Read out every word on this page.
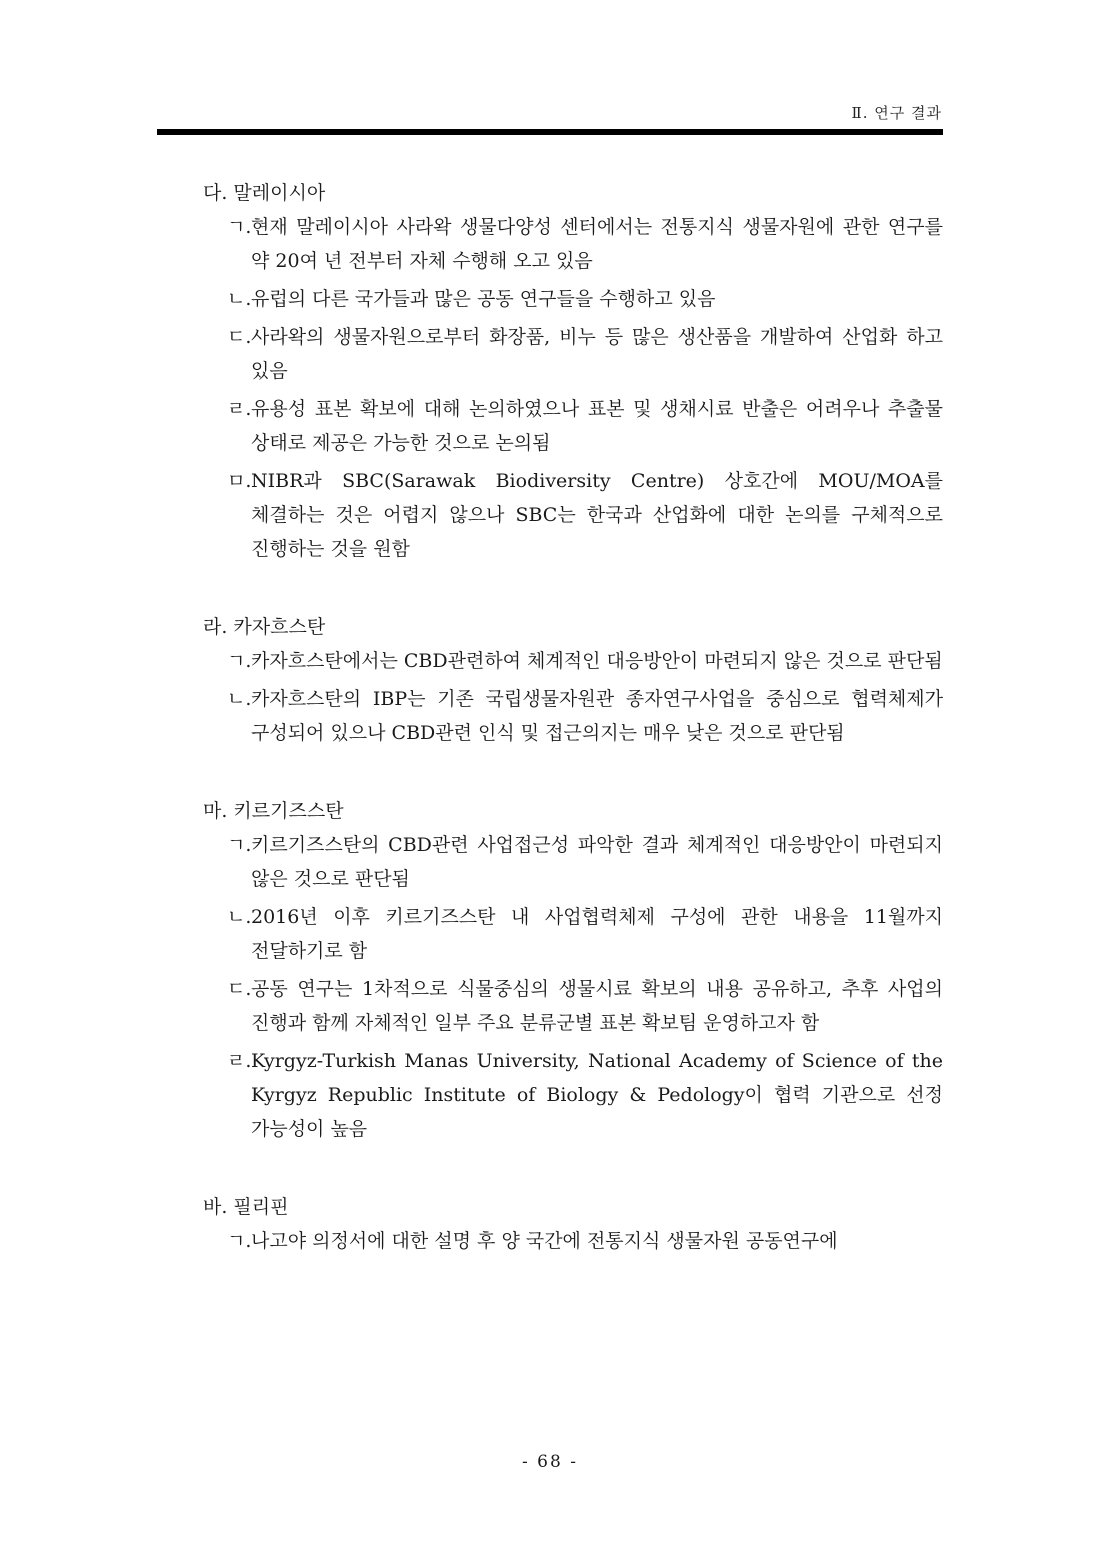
Ⅱ. 연구 결과
다. 말레이시아
ㄱ. 현재 말레이시아 사라왁 생물다양성 센터에서는 전통지식 생물자원에 관한 연구를 약 20여 년 전부터 자체 수행해 오고 있음
ㄴ. 유럽의 다른 국가들과 많은 공동 연구들을 수행하고 있음
ㄷ. 사라왁의 생물자원으로부터 화장품, 비누 등 많은 생산품을 개발하여 산업화 하고 있음
ㄹ. 유용성 표본 확보에 대해 논의하였으나 표본 및 생채시료 반출은 어려우나 추출물 상태로 제공은 가능한 것으로 논의됨
ㅁ. NIBR과 SBC(Sarawak Biodiversity Centre) 상호간에 MOU/MOA를 체결하는 것은 어렵지 않으나 SBC는 한국과 산업화에 대한 논의를 구체적으로 진행하는 것을 원함
라. 카자흐스탄
ㄱ. 카자흐스탄에서는 CBD관련하여 체계적인 대응방안이 마련되지 않은 것으로 판단됨
ㄴ. 카자흐스탄의 IBP는 기존 국립생물자원관 종자연구사업을 중심으로 협력체제가 구성되어 있으나 CBD관련 인식 및 접근의지는 매우 낮은 것으로 판단됨
마. 키르기즈스탄
ㄱ. 키르기즈스탄의 CBD관련 사업접근성 파악한 결과 체계적인 대응방안이 마련되지 않은 것으로 판단됨
ㄴ. 2016년 이후 키르기즈스탄 내 사업협력체제 구성에 관한 내용을 11월까지 전달하기로 함
ㄷ. 공동 연구는 1차적으로 식물중심의 생물시료 확보의 내용 공유하고, 추후 사업의 진행과 함께 자체적인 일부 주요 분류군별 표본 확보팀 운영하고자 함
ㄹ. Kyrgyz-Turkish Manas University, National Academy of Science of the Kyrgyz Republic Institute of Biology & Pedology이 협력 기관으로 선정 가능성이 높음
바. 필리핀
ㄱ. 나고야 의정서에 대한 설명 후 양 국간에 전통지식 생물자원 공동연구에
- 68 -
